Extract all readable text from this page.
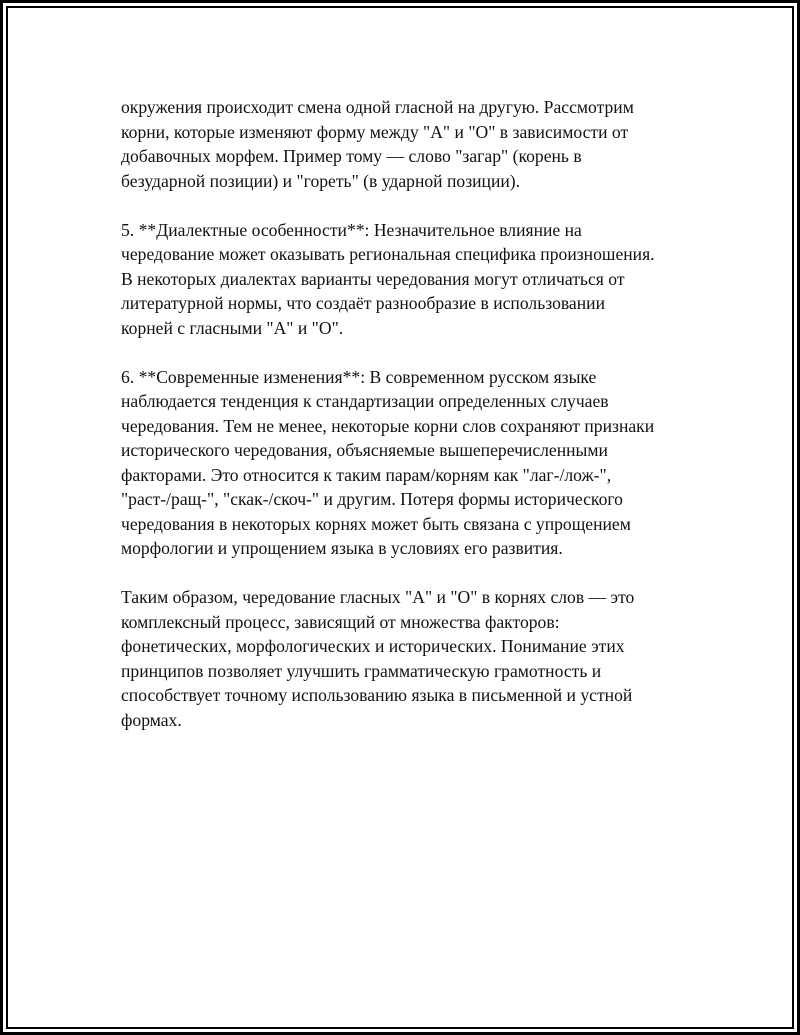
окружения происходит смена одной гласной на другую. Рассмотрим
корни, которые изменяют форму между "А" и "О" в зависимости от
добавочных морфем. Пример тому — слово "загар" (корень в
безударной позиции) и "гореть" (в ударной позиции).

5. **Диалектные особенности**: Незначительное влияние на
чередование может оказывать региональная специфика произношения.
В некоторых диалектах варианты чередования могут отличаться от
литературной нормы, что создаёт разнообразие в использовании
корней с гласными "А" и "О".

6. **Современные изменения**: В современном русском языке
наблюдается тенденция к стандартизации определенных случаев
чередования. Тем не менее, некоторые корни слов сохраняют признаки
исторического чередования, объясняемые вышеперечисленными
факторами. Это относится к таким парам/корням как "лаг-/лож-",
"раст-/ращ-", "скак-/скоч-" и другим. Потеря формы исторического
чередования в некоторых корнях может быть связана с упрощением
морфологии и упрощением языка в условиях его развития.

Таким образом, чередование гласных "А" и "О" в корнях слов — это
комплексный процесс, зависящий от множества факторов:
фонетических, морфологических и исторических. Понимание этих
принципов позволяет улучшить грамматическую грамотность и
способствует точному использованию языка в письменной и устной
формах.
